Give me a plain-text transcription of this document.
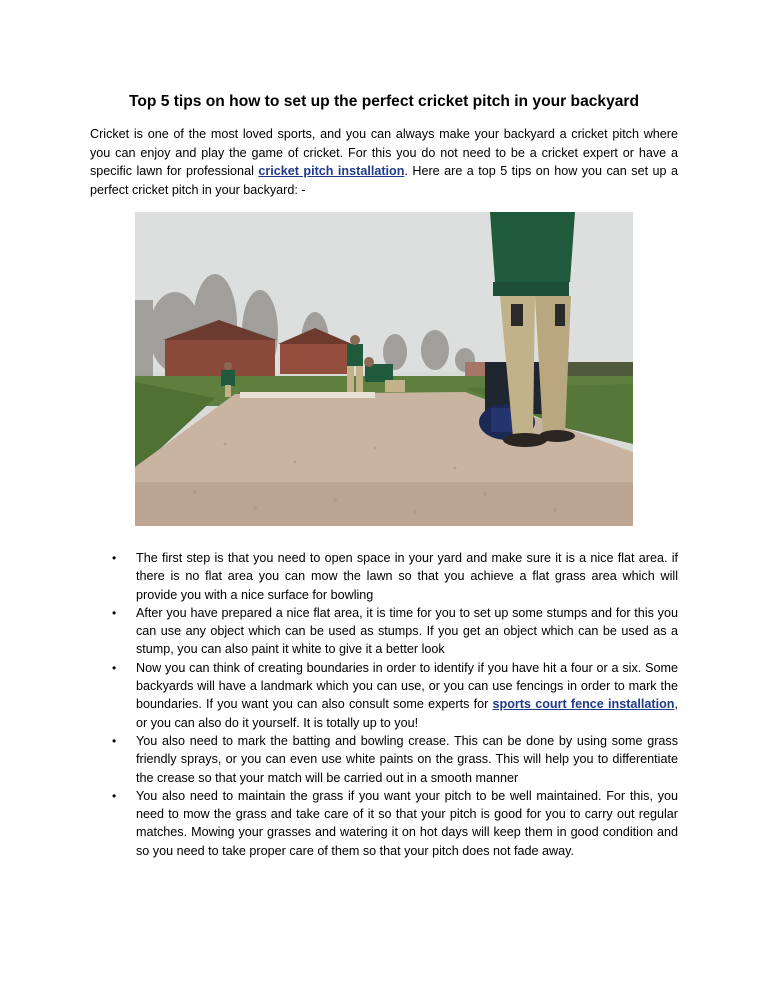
Top 5 tips on how to set up the perfect cricket pitch in your backyard

Cricket is one of the most loved sports, and you can always make your backyard a cricket pitch where you can enjoy and play the game of cricket. For this you do not need to be a cricket expert or have a specific lawn for professional cricket pitch installation. Here are a top 5 tips on how you can set up a perfect cricket pitch in your backyard: -

• The first step is that you need to open space in your yard and make sure it is a nice flat area. if there is no flat area you can mow the lawn so that you achieve a flat grass area which will provide you with a nice surface for bowling
• After you have prepared a nice flat area, it is time for you to set up some stumps and for this you can use any object which can be used as stumps. If you get an object which can be used as a stump, you can also paint it white to give it a better look
• Now you can think of creating boundaries in order to identify if you have hit a four or a six. Some backyards will have a landmark which you can use, or you can use fencings in order to mark the boundaries. If you want you can also consult some experts for sports court fence installation, or you can also do it yourself. It is totally up to you!
• You also need to mark the batting and bowling crease. This can be done by using some grass friendly sprays, or you can even use white paints on the grass. This will help you to differentiate the crease so that your match will be carried out in a smooth manner
• You also need to maintain the grass if you want your pitch to be well maintained. For this, you need to mow the grass and take care of it so that your pitch is good for you to carry out regular matches. Mowing your grasses and watering it on hot days will keep them in good condition and so you need to take proper care of them so that your pitch does not fade away.
